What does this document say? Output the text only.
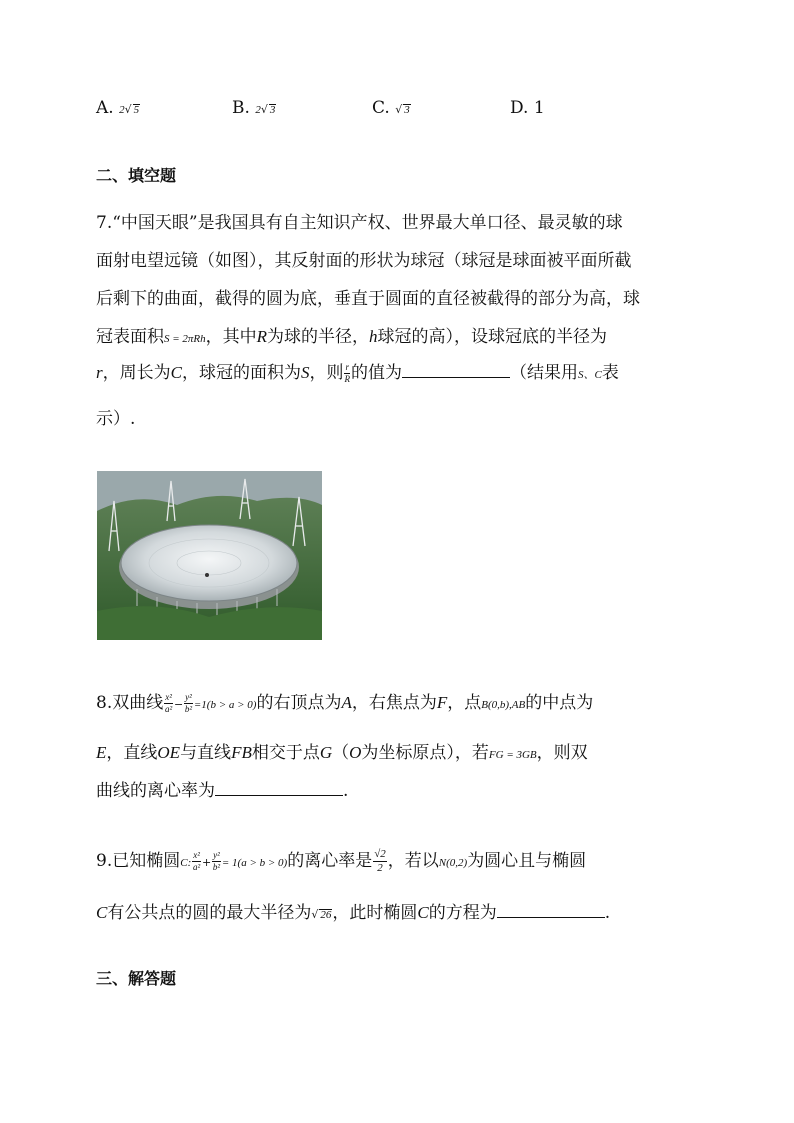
A. 2√ 5	B. 2√ 3	C. √ 3	D. 1
二、填空题
7.“中国天眼”是我国具有自主知识产权、世界最大单口径、最灵敏的球
面射电望远镜（如图），其反射面的形状为球冠（球冠是球面被平面所截
后剩下的曲面，截得的圆为底，垂直于圆面的直径被截得的部分为高，球
冠表面积S = 2πRh，其中R为球的半径，h球冠的高），设球冠底的半径为
r，周长为C，球冠的面积为S，则 $\frac{r}{R}$ 的值为	（结果用S、C表
示）.
8.双曲线 $\frac{\text{x²}}{\text{a²}} - \frac{\text{y²}}{\text{b²}} =1(b > a > 0)$的右顶点为A，右焦点为F，点B(0,b),AB的中点为
E，直线OE与直线FB相交于点G（O为坐标原点），若FG = 3GB，则双
曲线的离心率为	.
9.已知椭圆C: $\frac{\text{x²}}{\text{a²}} + \frac{\text{y²}}{\text{b²}} = 1(a > b > 0)$的离心率是 $\frac{√2}{2}$ ，若以N(0,2)为圆心且与椭圆
C有公共点的圆的最大半径为√ 26，此时椭圆C的方程为	.
三、解答题
